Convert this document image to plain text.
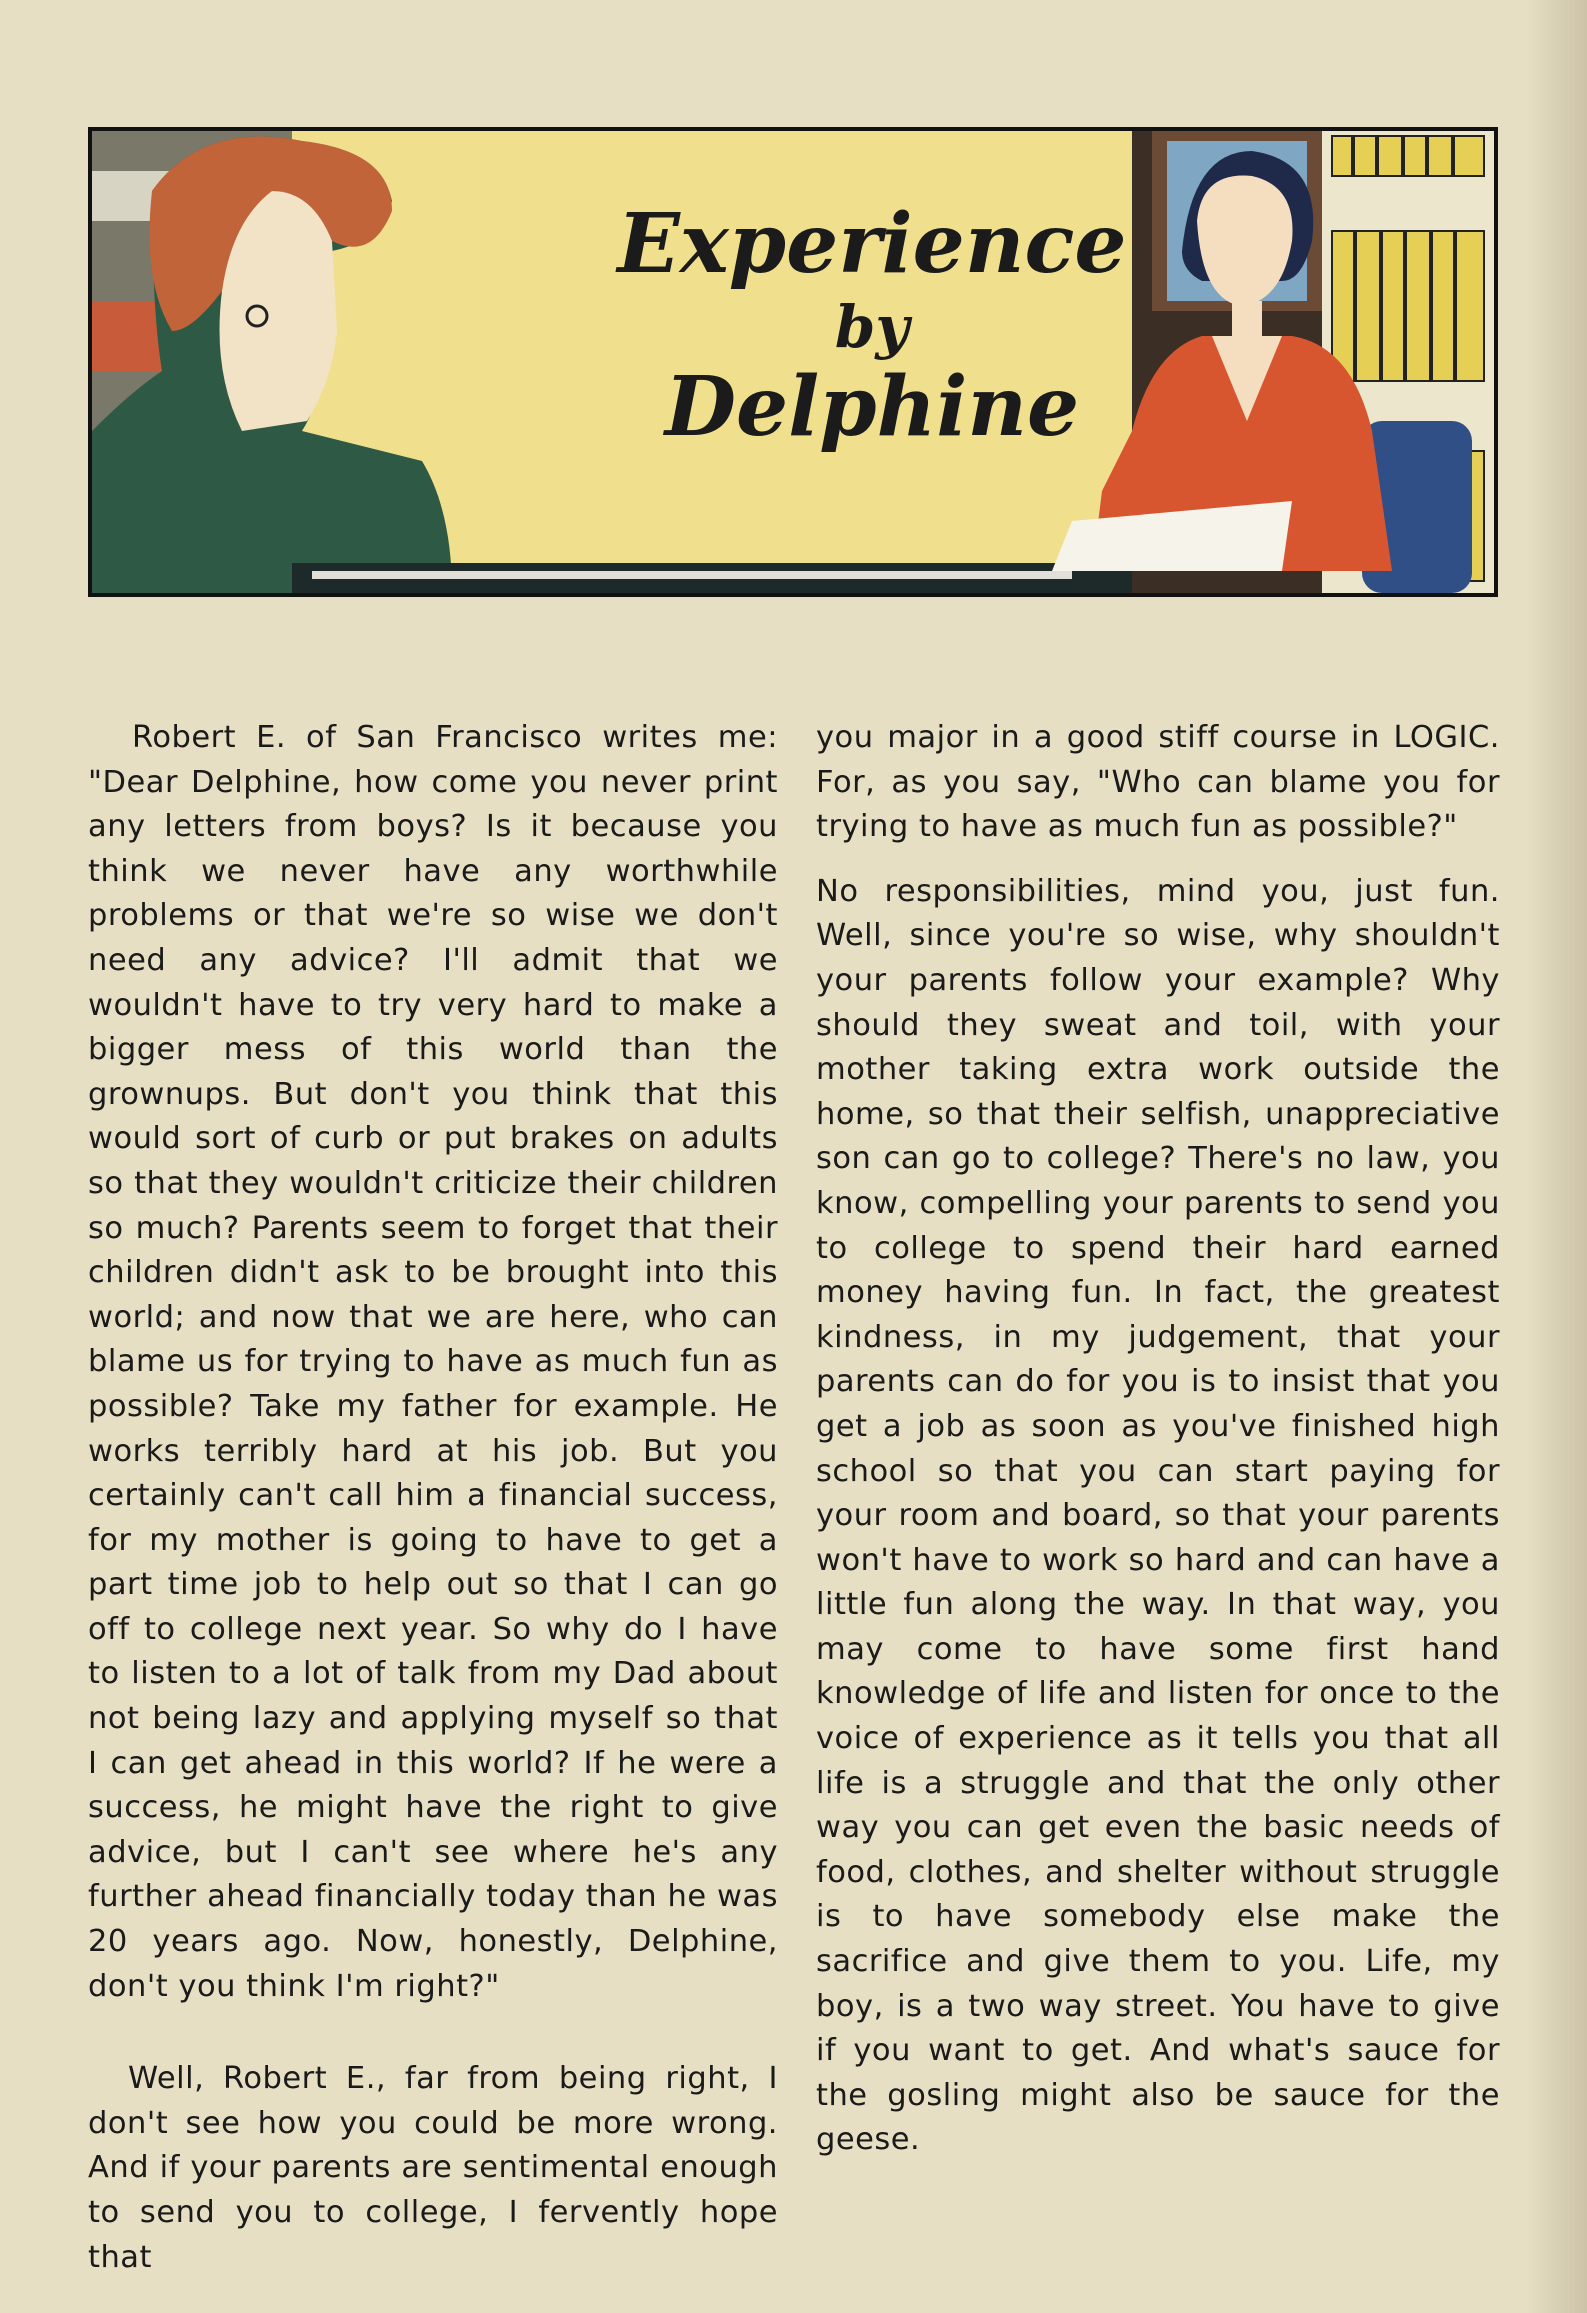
Experience
by
Delphine

Robert E. of San Francisco writes me: "Dear Delphine, how come you never print any letters from boys? Is it because you think we never have any worthwhile problems or that we're so wise we don't need any advice? I'll admit that we wouldn't have to try very hard to make a bigger mess of this world than the grownups. But don't you think that this would sort of curb or put brakes on adults so that they wouldn't criticize their children so much? Parents seem to forget that their children didn't ask to be brought into this world; and now that we are here, who can blame us for trying to have as much fun as possible? Take my father for example. He works terribly hard at his job. But you certainly can't call him a financial success, for my mother is going to have to get a part time job to help out so that I can go off to college next year. So why do I have to listen to a lot of talk from my Dad about not being lazy and applying myself so that I can get ahead in this world? If he were a success, he might have the right to give advice, but I can't see where he's any further ahead financially today than he was 20 years ago. Now, honestly, Delphine, don't you think I'm right?"

Well, Robert E., far from being right, I don't see how you could be more wrong. And if your parents are sentimental enough to send you to college, I fervently hope that

you major in a good stiff course in LOGIC. For, as you say, "Who can blame you for trying to have as much fun as possible?"

No responsibilities, mind you, just fun. Well, since you're so wise, why shouldn't your parents follow your example? Why should they sweat and toil, with your mother taking extra work outside the home, so that their selfish, unappreciative son can go to college? There's no law, you know, compelling your parents to send you to college to spend their hard earned money having fun. In fact, the greatest kindness, in my judgement, that your parents can do for you is to insist that you get a job as soon as you've finished high school so that you can start paying for your room and board, so that your parents won't have to work so hard and can have a little fun along the way. In that way, you may come to have some first hand knowledge of life and listen for once to the voice of experience as it tells you that all life is a struggle and that the only other way you can get even the basic needs of food, clothes, and shelter without struggle is to have somebody else make the sacrifice and give them to you. Life, my boy, is a two way street. You have to give if you want to get. And what's sauce for the gosling might also be sauce for the geese.
